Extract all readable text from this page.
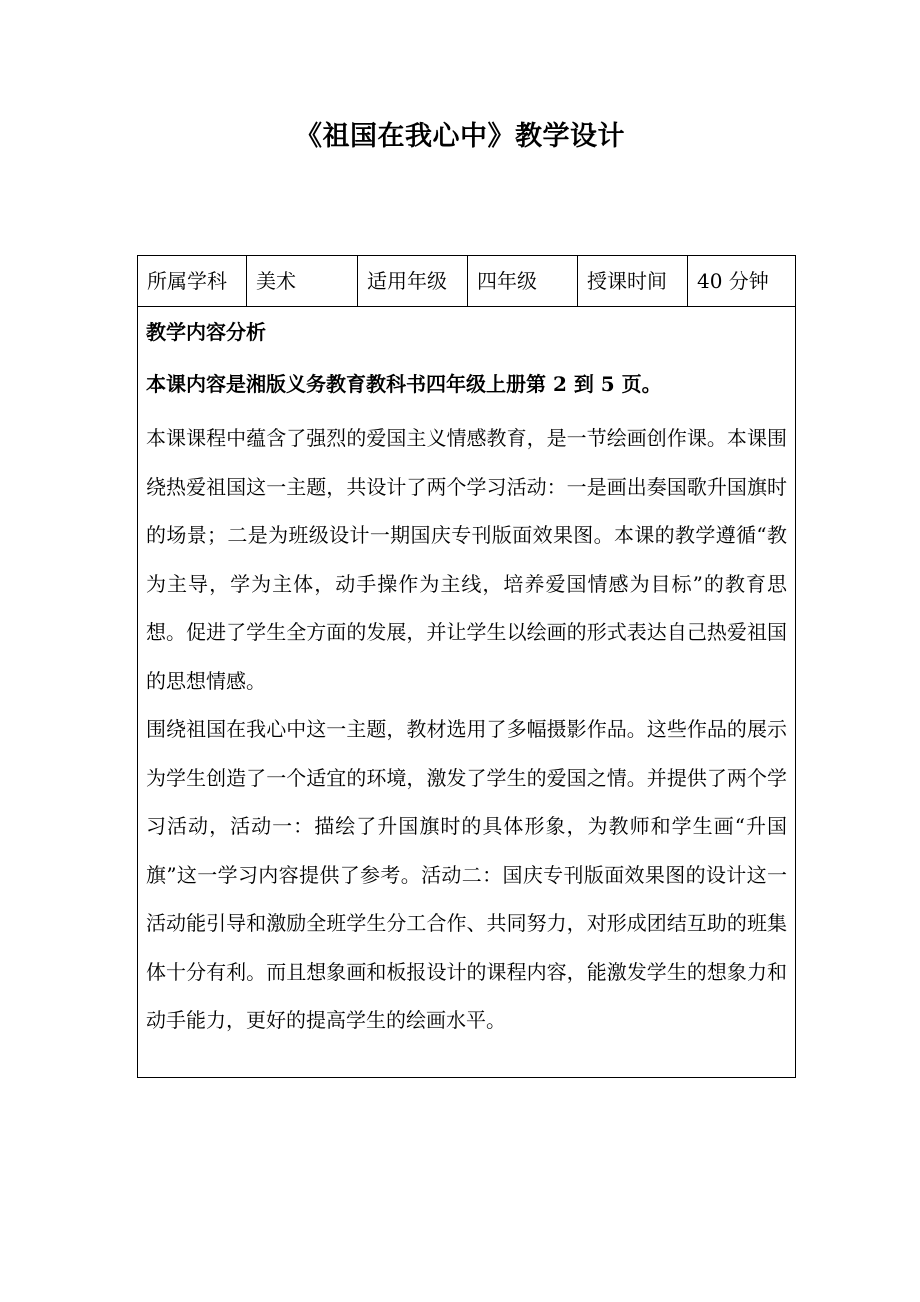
《祖国在我心中》教学设计
所属学科	美术	适用年级	四年级	授课时间	40 分钟
教学内容分析
本课内容是湘版义务教育教科书四年级上册第 2 到 5 页。

本课课程中蕴含了强烈的爱国主义情感教育，是一节绘画创作课。本课围绕热爱祖国这一主题，共设计了两个学习活动：一是画出奏国歌升国旗时的场景；二是为班级设计一期国庆专刊版面效果图。本课的教学遵循“教为主导，学为主体，动手操作为主线，培养爱国情感为目标”的教育思想。促进了学生全方面的发展，并让学生以绘画的形式表达自己热爱祖国的思想情感。

围绕祖国在我心中这一主题，教材选用了多幅摄影作品。这些作品的展示为学生创造了一个适宜的环境，激发了学生的爱国之情。并提供了两个学习活动，活动一：描绘了升国旗时的具体形象，为教师和学生画“升国旗”这一学习内容提供了参考。活动二：国庆专刊版面效果图的设计这一活动能引导和激励全班学生分工合作、共同努力，对形成团结互助的班集体十分有利。而且想象画和板报设计的课程内容，能激发学生的想象力和动手能力，更好的提高学生的绘画水平。
